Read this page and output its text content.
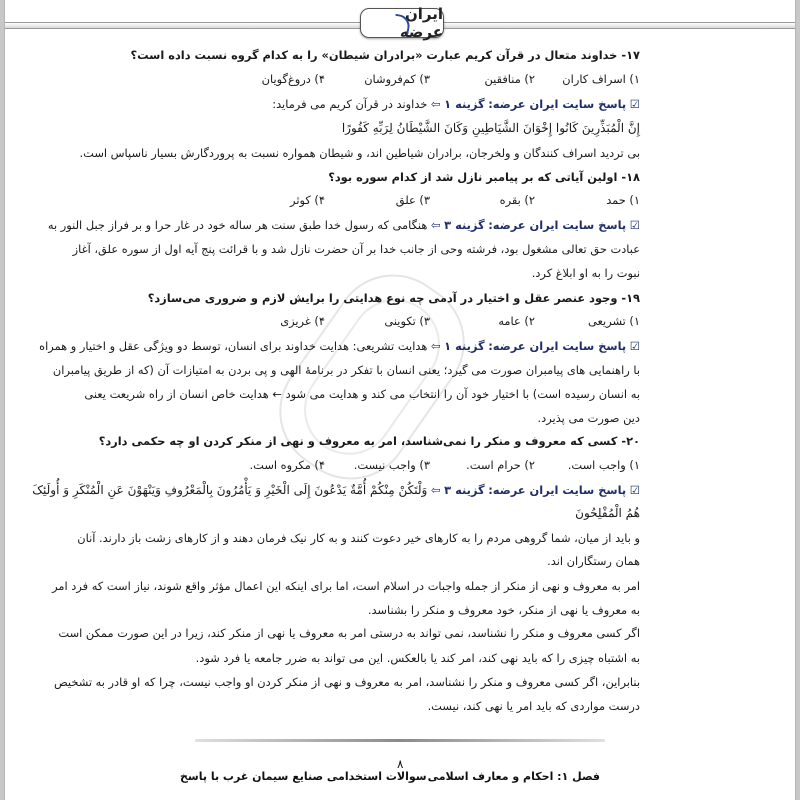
ایران عرضه
۱۷- خداوند متعال در قرآن کریم عبارت «برادران شیطان» را به کدام گروه نسبت داده است؟
۱) اسراف کاران
۲) منافقین
۳) کم‌فروشان
۴) دروغ‌گویان
☑ پاسخ سایت ایران عرضه: گزینه ۱ ⇦ خداوند در قرآن کریم می فرماید:
إِنَّ الْمُبَذِّرِینَ کَانُوا إِخْوَانَ الشَّیَاطِینِ وَکَانَ الشَّیْطَانُ لِرَبِّهِ کَفُورًا
بی تردید اسراف کنندگان و ولخرجان، برادران شیاطین اند، و شیطان همواره نسبت به پروردگارش بسیار ناسپاس است.
۱۸- اولین آیاتی که بر پیامبر نازل شد از کدام سوره بود؟
۱) حمد
۲) بقره
۳) علق
۴) کوثر
☑ پاسخ سایت ایران عرضه: گزینه ۳ ⇦ هنگامی که رسول خدا طبق سنت هر ساله خود در غار حرا و بر فراز جبل النور به
عبادت حق تعالی مشغول بود، فرشته وحی از جانب خدا بر آن حضرت نازل شد و با قرائت پنج آیه اول از سوره علق، آغاز
نبوت را به او ابلاغ کرد.
۱۹- وجود عنصر عقل و اختیار در آدمی چه نوع هدایتی را برایش لازم و ضروری می‌سازد؟
۱) تشریعی
۲) عامه
۳) تکوینی
۴) غریزی
☑ پاسخ سایت ایران عرضه: گزینه ۱ ⇦ هدایت تشریعی: هدایت خداوند برای انسان، توسط دو ویژگی عقل و اختیار و همراه
با راهنمایی های پیامبران صورت می گیرد؛ یعنی انسان با تفکر در برنامهٔ الهی و پی بردن به امتیازات آن (که از طریق پیامبران
به انسان رسیده است) با اختیار خود آن را انتخاب می کند و هدایت می شود ← هدایت خاص انسان از راه شریعت یعنی
دین صورت می پذیرد.
۲۰- کسی که معروف و منکر را نمی‌شناسد، امر به معروف و نهی از منکر کردن او چه حکمی دارد؟
۱) واجب است.
۲) حرام است.
۳) واجب نیست.
۴) مکروه است.
☑ پاسخ سایت ایران عرضه: گزینه ۳ ⇦ وَلْتَکُنْ مِنْکُمْ أُمَّةٌ یَدْعُونَ إِلَى الْخَیْرِ وَ یَأْمُرُونَ بِالْمَعْرُوفِ وَیَنْهَوْنَ عَنِ الْمُنْکَرِ وَ أُولَئِکَ
هُمُ الْمُفْلِحُونَ
و باید از میان، شما گروهی مردم را به کارهای خیر دعوت کنند و به کار نیک فرمان دهند و از کارهای زشت باز دارند. آنان
همان رستگاران اند.
امر به معروف و نهی از منکر از جمله واجبات در اسلام است، اما برای اینکه این اعمال مؤثر واقع شوند، نیاز است که فرد امر
به معروف یا نهی از منکر، خود معروف و منکر را بشناسد.
اگر کسی معروف و منکر را نشناسد، نمی تواند به درستی امر به معروف یا نهی از منکر کند، زیرا در این صورت ممکن است
به اشتباه چیزی را که باید نهی کند، امر کند یا بالعکس. این می تواند به ضرر جامعه یا فرد شود.
بنابراین، اگر کسی معروف و منکر را نشناسد، امر به معروف و نهی از منکر کردن او واجب نیست، چرا که او قادر به تشخیص
درست مواردی که باید امر یا نهی کند، نیست.
۸
فصل ۱: احکام و معارف اسلامی
سوالات استخدامی صنایع سیمان غرب با پاسخ
